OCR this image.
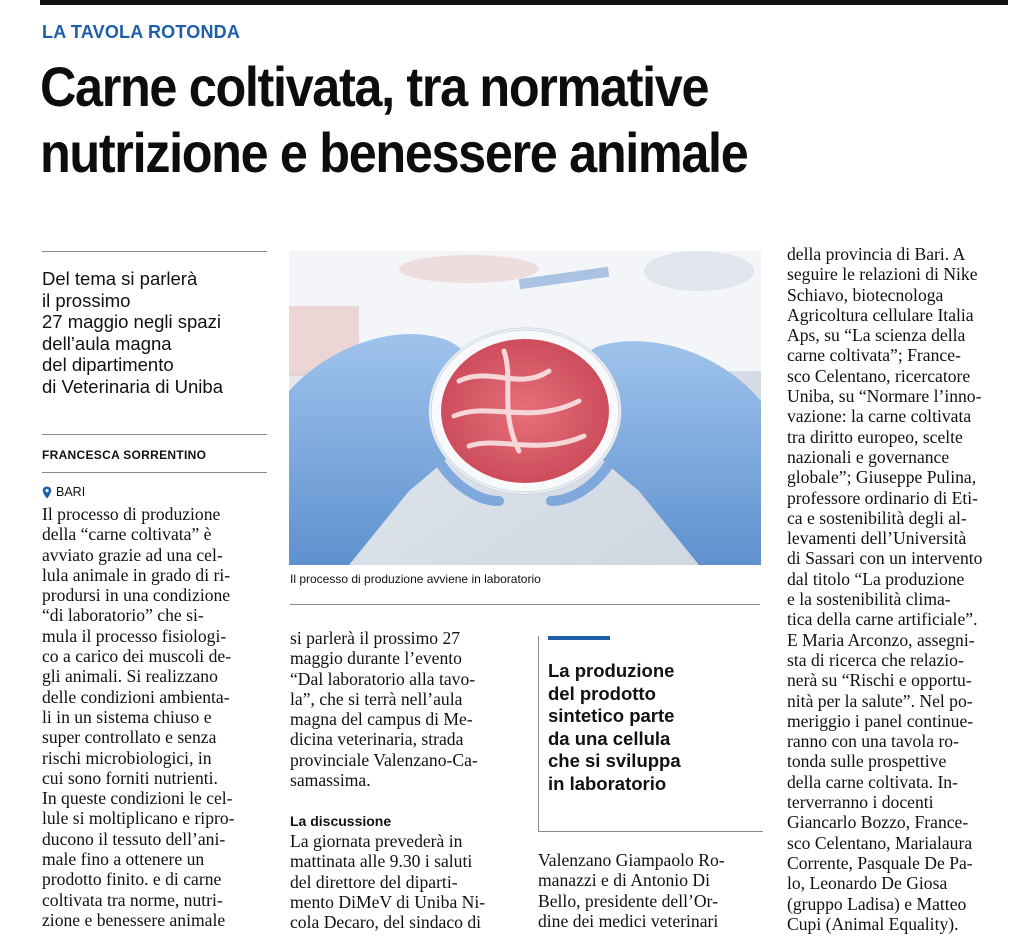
LA TAVOLA ROTONDA
Carne coltivata, tra normative
nutrizione e benessere animale
Del tema si parlerà
il prossimo
27 maggio negli spazi
dell’aula magna
del dipartimento
di Veterinaria di Uniba
FRANCESCA SORRENTINO
BARI
Il processo di produzione
della “carne coltivata” è
avviato grazie ad una cel-
lula animale in grado di ri-
prodursi in una condizione
“di laboratorio” che si-
mula il processo fisiologi-
co a carico dei muscoli de-
gli animali. Si realizzano
delle condizioni ambienta-
li in un sistema chiuso e
super controllato e senza
rischi microbiologici, in
cui sono forniti nutrienti.
In queste condizioni le cel-
lule si moltiplicano e ripro-
ducono il tessuto dell’ani-
male fino a ottenere un
prodotto finito. e di carne
coltivata tra norme, nutri-
zione e benessere animale
Il processo di produzione avviene in laboratorio
si parlerà il prossimo 27
maggio durante l’evento
“Dal laboratorio alla tavo-
la”, che si terrà nell’aula
magna del campus di Me-
dicina veterinaria, strada
provinciale Valenzano-Ca-
samassima.
La discussione
La giornata prevederà in
mattinata alle 9.30 i saluti
del direttore del diparti-
mento DiMeV di Uniba Ni-
cola Decaro, del sindaco di
La produzione
del prodotto
sintetico parte
da una cellula
che si sviluppa
in laboratorio
Valenzano Giampaolo Ro-
manazzi e di Antonio Di
Bello, presidente dell’Or-
dine dei medici veterinari
della provincia di Bari. A
seguire le relazioni di Nike
Schiavo, biotecnologa
Agricoltura cellulare Italia
Aps, su “La scienza della
carne coltivata”; France-
sco Celentano, ricercatore
Uniba, su “Normare l’inno-
vazione: la carne coltivata
tra diritto europeo, scelte
nazionali e governance
globale”; Giuseppe Pulina,
professore ordinario di Eti-
ca e sostenibilità degli al-
levamenti dell’Università
di Sassari con un intervento
dal titolo “La produzione
e la sostenibilità clima-
tica della carne artificiale”.
E Maria Arconzo, assegni-
sta di ricerca che relazio-
nerà su “Rischi e opportu-
nità per la salute”. Nel po-
meriggio i panel continue-
ranno con una tavola ro-
tonda sulle prospettive
della carne coltivata. In-
terverranno i docenti
Giancarlo Bozzo, France-
sco Celentano, Marialaura
Corrente, Pasquale De Pa-
lo, Leonardo De Giosa
(gruppo Ladisa) e Matteo
Cupi (Animal Equality).
